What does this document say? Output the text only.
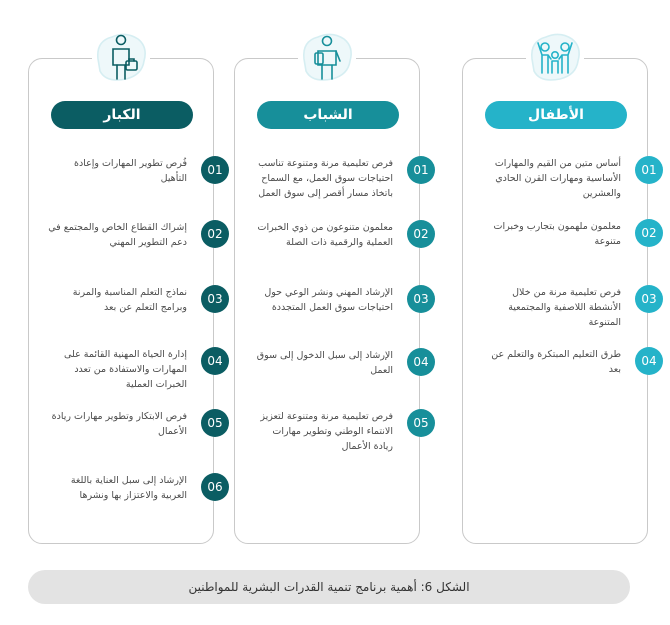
الأطفال
01
أساس متين من القيم والمهارات الأساسية ومهارات القرن الحادي والعشرين
02
معلمون ملهمون بتجارب وخبرات متنوعة
03
فرص تعليمية مرنة من خلال الأنشطة اللاصفية والمجتمعية المتنوعة
04
طرق التعليم المبتكرة والتعلم عن بعد
الشباب
01
فرص تعليمية مرنة ومتنوعة تناسب احتياجات سوق العمل، مع السماح باتخاذ مسار أقصر إلى سوق العمل
02
معلمون متنوعون من ذوي الخبرات العملية والرقمية ذات الصلة
03
الإرشاد المهني ونشر الوعي حول احتياجات سوق العمل المتجددة
04
الإرشاد إلى سبل الدخول إلى سوق العمل
05
فرص تعليمية مرنة ومتنوعة لتعزيز الانتماء الوطني وتطوير مهارات ريادة الأعمال
الكبار
01
فُرص تطوير المهارات وإعادة التأهيل
02
إشراك القطاع الخاص والمجتمع في دعم التطوير المهني
03
نماذج التعلم المناسبة والمرنة وبرامج التعلم عن بعد
04
إدارة الحياة المهنية القائمة على المهارات والاستفادة من تعدد الخبرات العملية
05
فرص الابتكار وتطوير مهارات ريادة الأعمال
06
الإرشاد إلى سبل العناية باللغة العربية والاعتزاز بها ونشرها
الشكل 6: أهمية برنامج تنمية القدرات البشرية للمواطنين
